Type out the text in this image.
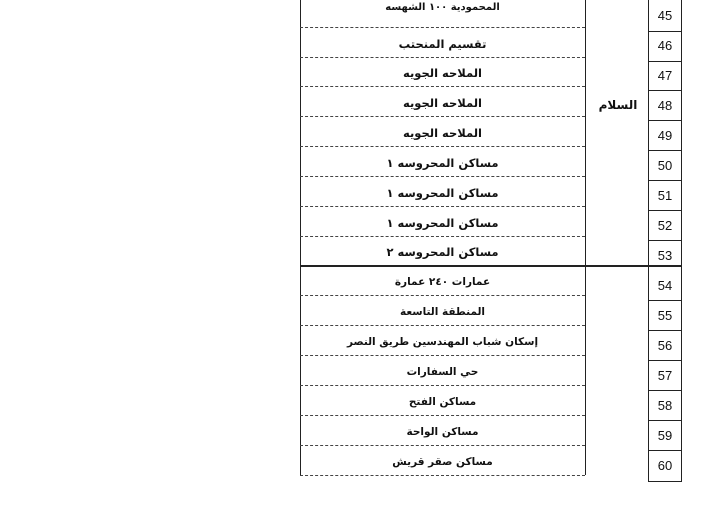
السلام
المحمودية ١٠٠ الشهسه
تقسيم المنحتب
الملاحه الجويه
الملاحه الجويه
الملاحه الجويه
مساكن المحروسه ١
مساكن المحروسه ١
مساكن المحروسه ١
مساكن المحروسه ٢
عمارات ٢٤٠ عمارة
المنطقة التاسعة
إسكان شباب المهندسين طريق النصر
حي السفارات
مساكن الفتح
مساكن الواحة
مساكن صقر قريش
45
46
47
48
49
50
51
52
53
54
55
56
57
58
59
60
